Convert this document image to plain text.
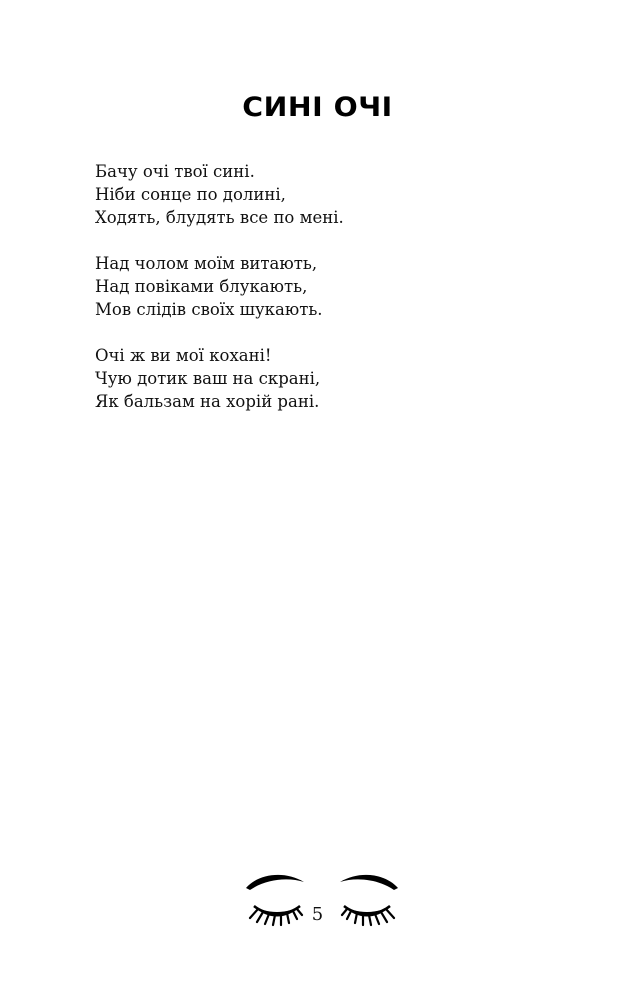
СИНІ ОЧІ

Бачу очі твої сині.
Ніби сонце по долині,
Ходять, блудять все по мені.

Над чолом моїм витають,
Над повіками блукають,
Мов слідів своїх шукають.

Очі ж ви мої кохані!
Чую дотик ваш на скрані,
Як бальзам на хорій рані.

5
